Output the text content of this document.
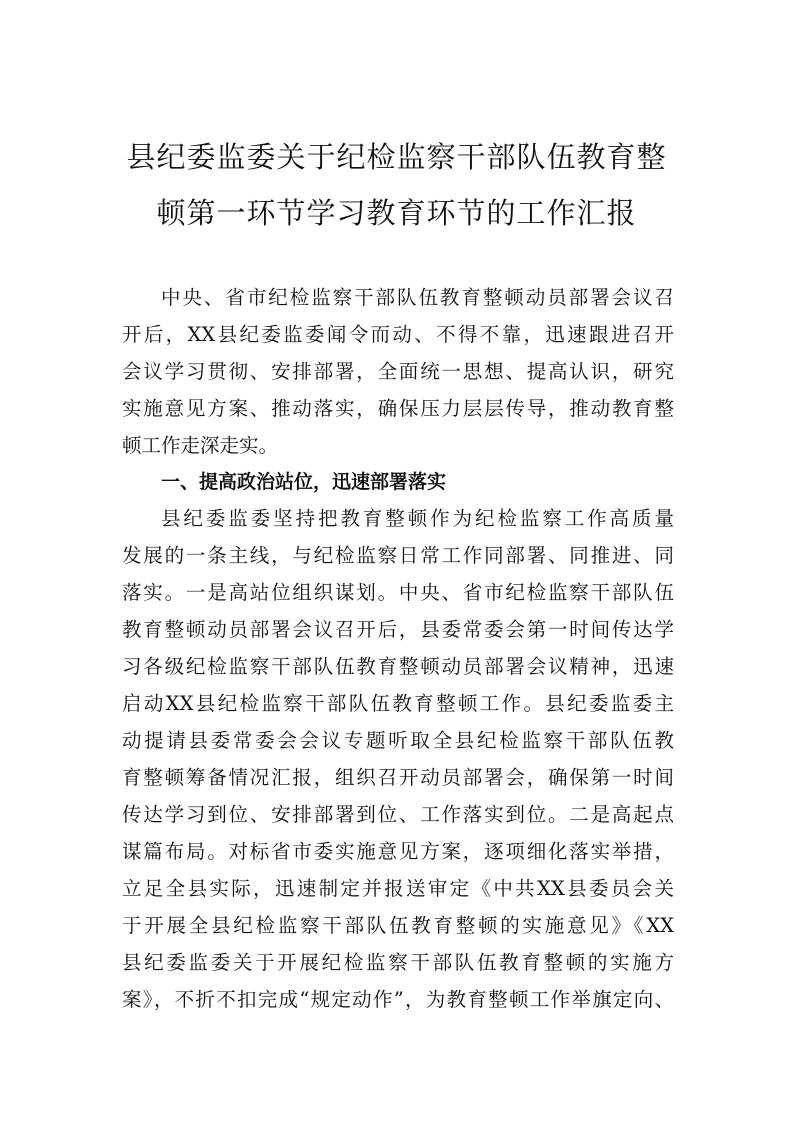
县纪委监委关于纪检监察干部队伍教育整
顿第一环节学习教育环节的工作汇报
中央、省市纪检监察干部队伍教育整顿动员部署会议召
开后，XX县纪委监委闻令而动、不得不靠，迅速跟进召开
会议学习贯彻、安排部署，全面统一思想、提高认识，研究
实施意见方案、推动落实，确保压力层层传导，推动教育整
顿工作走深走实。
一、提高政治站位，迅速部署落实
县纪委监委坚持把教育整顿作为纪检监察工作高质量
发展的一条主线，与纪检监察日常工作同部署、同推进、同
落实。一是高站位组织谋划。中央、省市纪检监察干部队伍
教育整顿动员部署会议召开后，县委常委会第一时间传达学
习各级纪检监察干部队伍教育整顿动员部署会议精神，迅速
启动XX县纪检监察干部队伍教育整顿工作。县纪委监委主
动提请县委常委会会议专题听取全县纪检监察干部队伍教
育整顿筹备情况汇报，组织召开动员部署会，确保第一时间
传达学习到位、安排部署到位、工作落实到位。二是高起点
谋篇布局。对标省市委实施意见方案，逐项细化落实举措，
立足全县实际，迅速制定并报送审定《中共XX县委员会关
于开展全县纪检监察干部队伍教育整顿的实施意见》《XX
县纪委监委关于开展纪检监察干部队伍教育整顿的实施方
案》，不折不扣完成“规定动作”，为教育整顿工作举旗定向、
